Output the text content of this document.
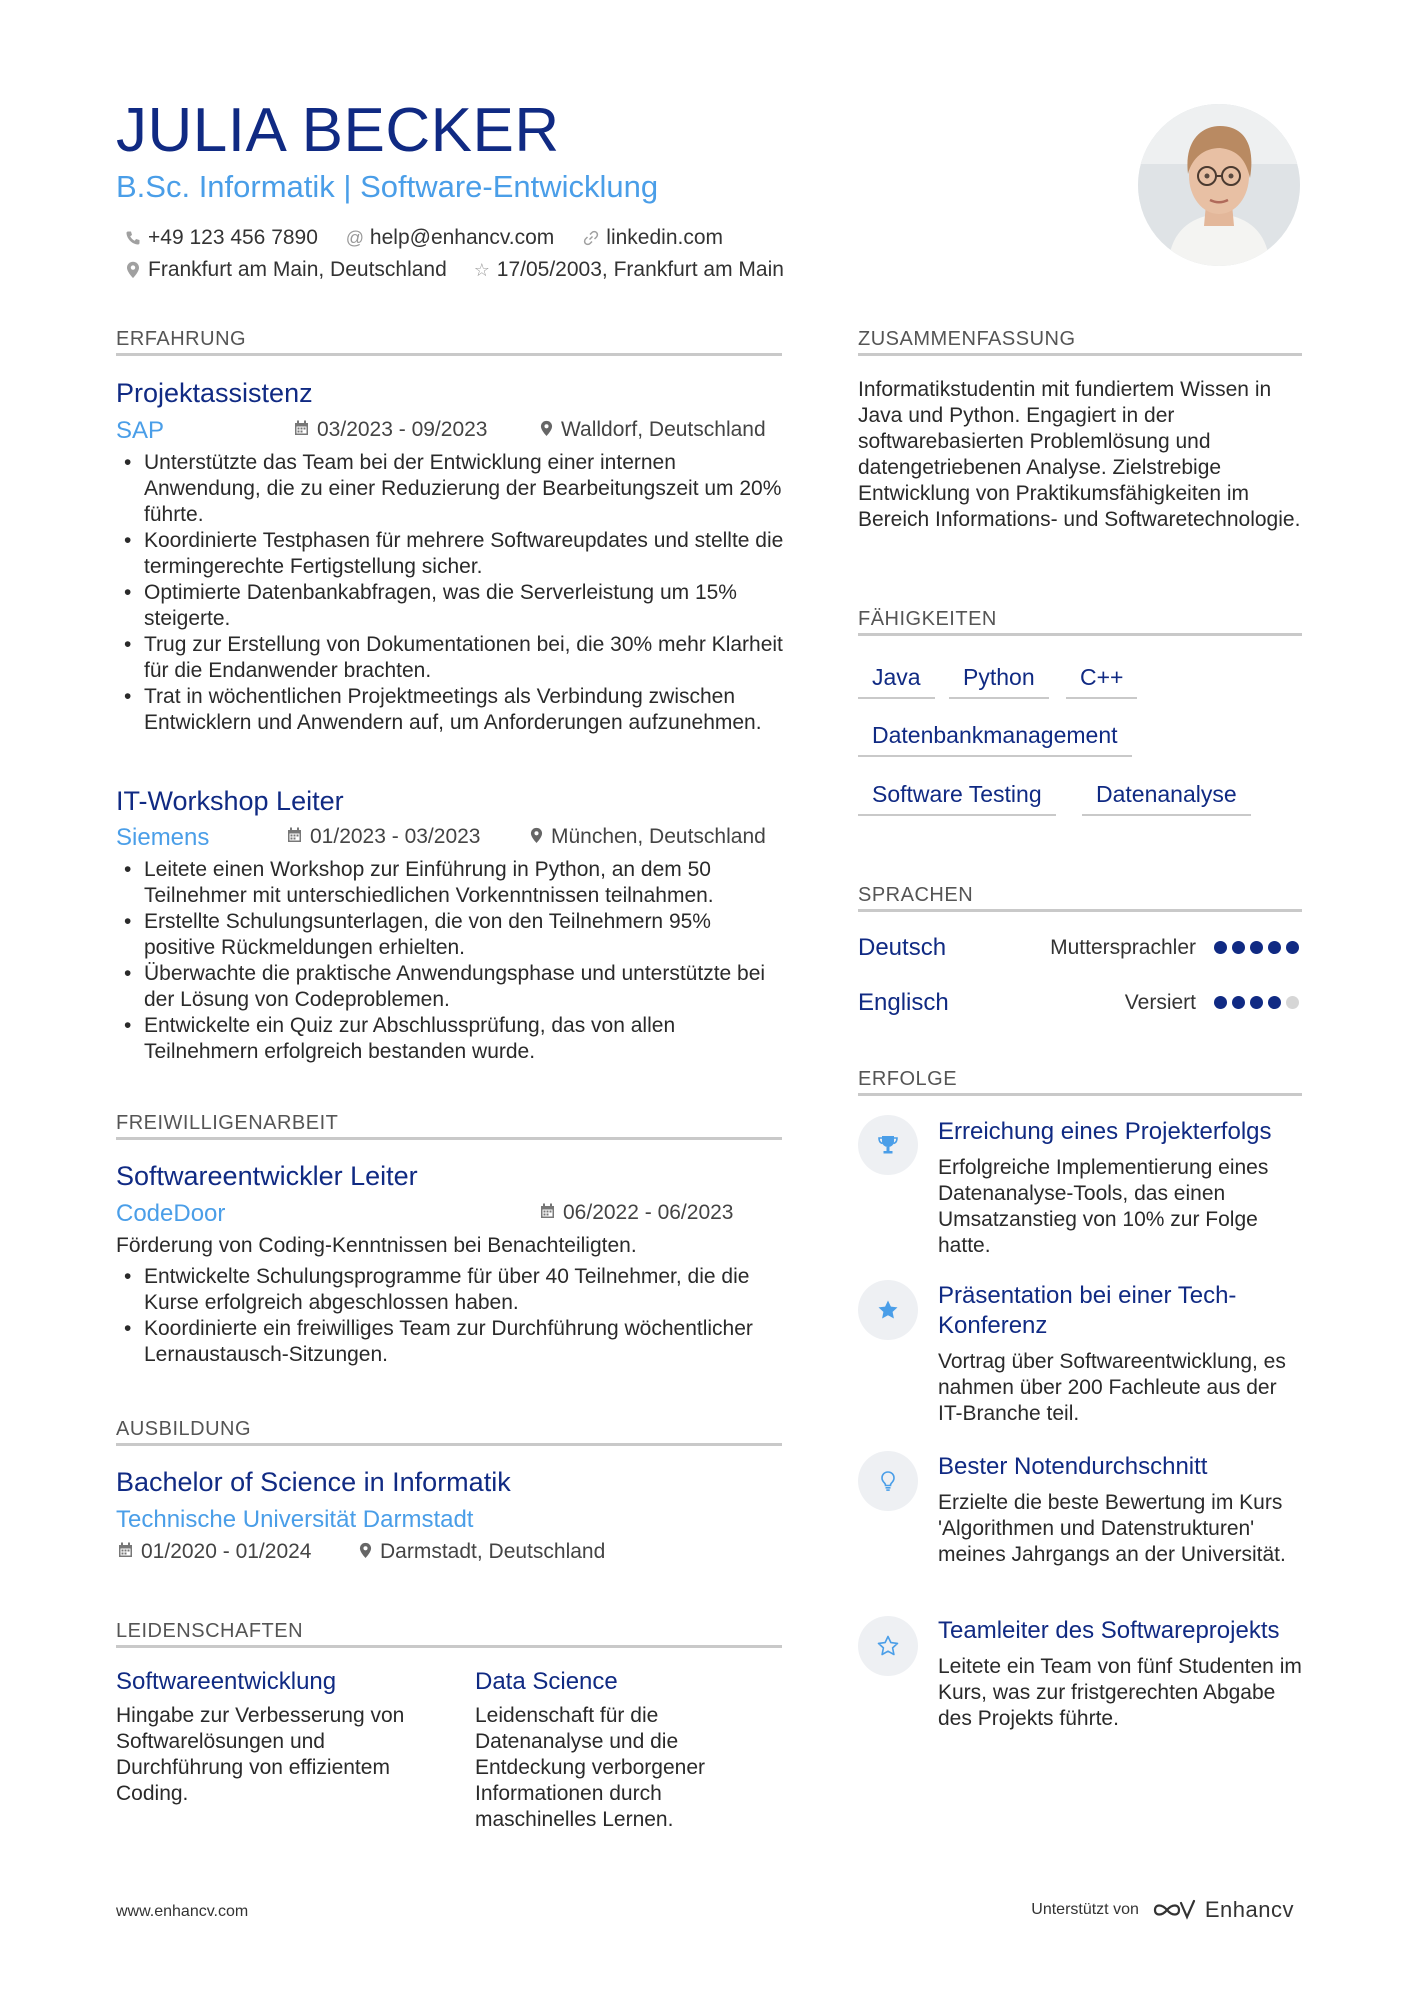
JULIA BECKER
B.Sc. Informatik | Software-Entwicklung
+49 123 456 7890 @ help@enhancv.com linkedin.com
Frankfurt am Main, Deutschland ☆ 17/05/2003, Frankfurt am Main
ERFAHRUNG
Projektassistenz
SAP	03/2023 - 09/2023	Walldorf, Deutschland
• Unterstützte das Team bei der Entwicklung einer internen Anwendung, die zu einer Reduzierung der Bearbeitungszeit um 20% führte.
• Koordinierte Testphasen für mehrere Softwareupdates und stellte die termingerechte Fertigstellung sicher.
• Optimierte Datenbankabfragen, was die Serverleistung um 15% steigerte.
• Trug zur Erstellung von Dokumentationen bei, die 30% mehr Klarheit für die Endanwender brachten.
• Trat in wöchentlichen Projektmeetings als Verbindung zwischen Entwicklern und Anwendern auf, um Anforderungen aufzunehmen.
IT-Workshop Leiter
Siemens	01/2023 - 03/2023	München, Deutschland
• Leitete einen Workshop zur Einführung in Python, an dem 50 Teilnehmer mit unterschiedlichen Vorkenntnissen teilnahmen.
• Erstellte Schulungsunterlagen, die von den Teilnehmern 95% positive Rückmeldungen erhielten.
• Überwachte die praktische Anwendungsphase und unterstützte bei der Lösung von Codeproblemen.
• Entwickelte ein Quiz zur Abschlussprüfung, das von allen Teilnehmern erfolgreich bestanden wurde.
FREIWILLIGENARBEIT
Softwareentwickler Leiter
CodeDoor	06/2022 - 06/2023
Förderung von Coding-Kenntnissen bei Benachteiligten.
• Entwickelte Schulungsprogramme für über 40 Teilnehmer, die die Kurse erfolgreich abgeschlossen haben.
• Koordinierte ein freiwilliges Team zur Durchführung wöchentlicher Lernaustausch-Sitzungen.
AUSBILDUNG
Bachelor of Science in Informatik
Technische Universität Darmstadt
01/2020 - 01/2024	Darmstadt, Deutschland
LEIDENSCHAFTEN
Softwareentwicklung
Hingabe zur Verbesserung von Softwarelösungen und Durchführung von effizientem Coding.
Data Science
Leidenschaft für die Datenanalyse und die Entdeckung verborgener Informationen durch maschinelles Lernen.
ZUSAMMENFASSUNG
Informatikstudentin mit fundiertem Wissen in Java und Python. Engagiert in der softwarebasierten Problemlösung und datengetriebenen Analyse. Zielstrebige Entwicklung von Praktikumsfähigkeiten im Bereich Informations- und Softwaretechnologie.
FÄHIGKEITEN
Java	Python	C++
Datenbankmanagement
Software Testing	Datenanalyse
SPRACHEN
Deutsch	Muttersprachler
Englisch	Versiert
ERFOLGE
Erreichung eines Projekterfolgs
Erfolgreiche Implementierung eines Datenanalyse-Tools, das einen Umsatzanstieg von 10% zur Folge hatte.
Präsentation bei einer Tech-Konferenz
Vortrag über Softwareentwicklung, es nahmen über 200 Fachleute aus der IT-Branche teil.
Bester Notendurchschnitt
Erzielte die beste Bewertung im Kurs 'Algorithmen und Datenstrukturen' meines Jahrgangs an der Universität.
Teamleiter des Softwareprojekts
Leitete ein Team von fünf Studenten im Kurs, was zur fristgerechten Abgabe des Projekts führte.
www.enhancv.com	Unterstützt von	Enhancv
